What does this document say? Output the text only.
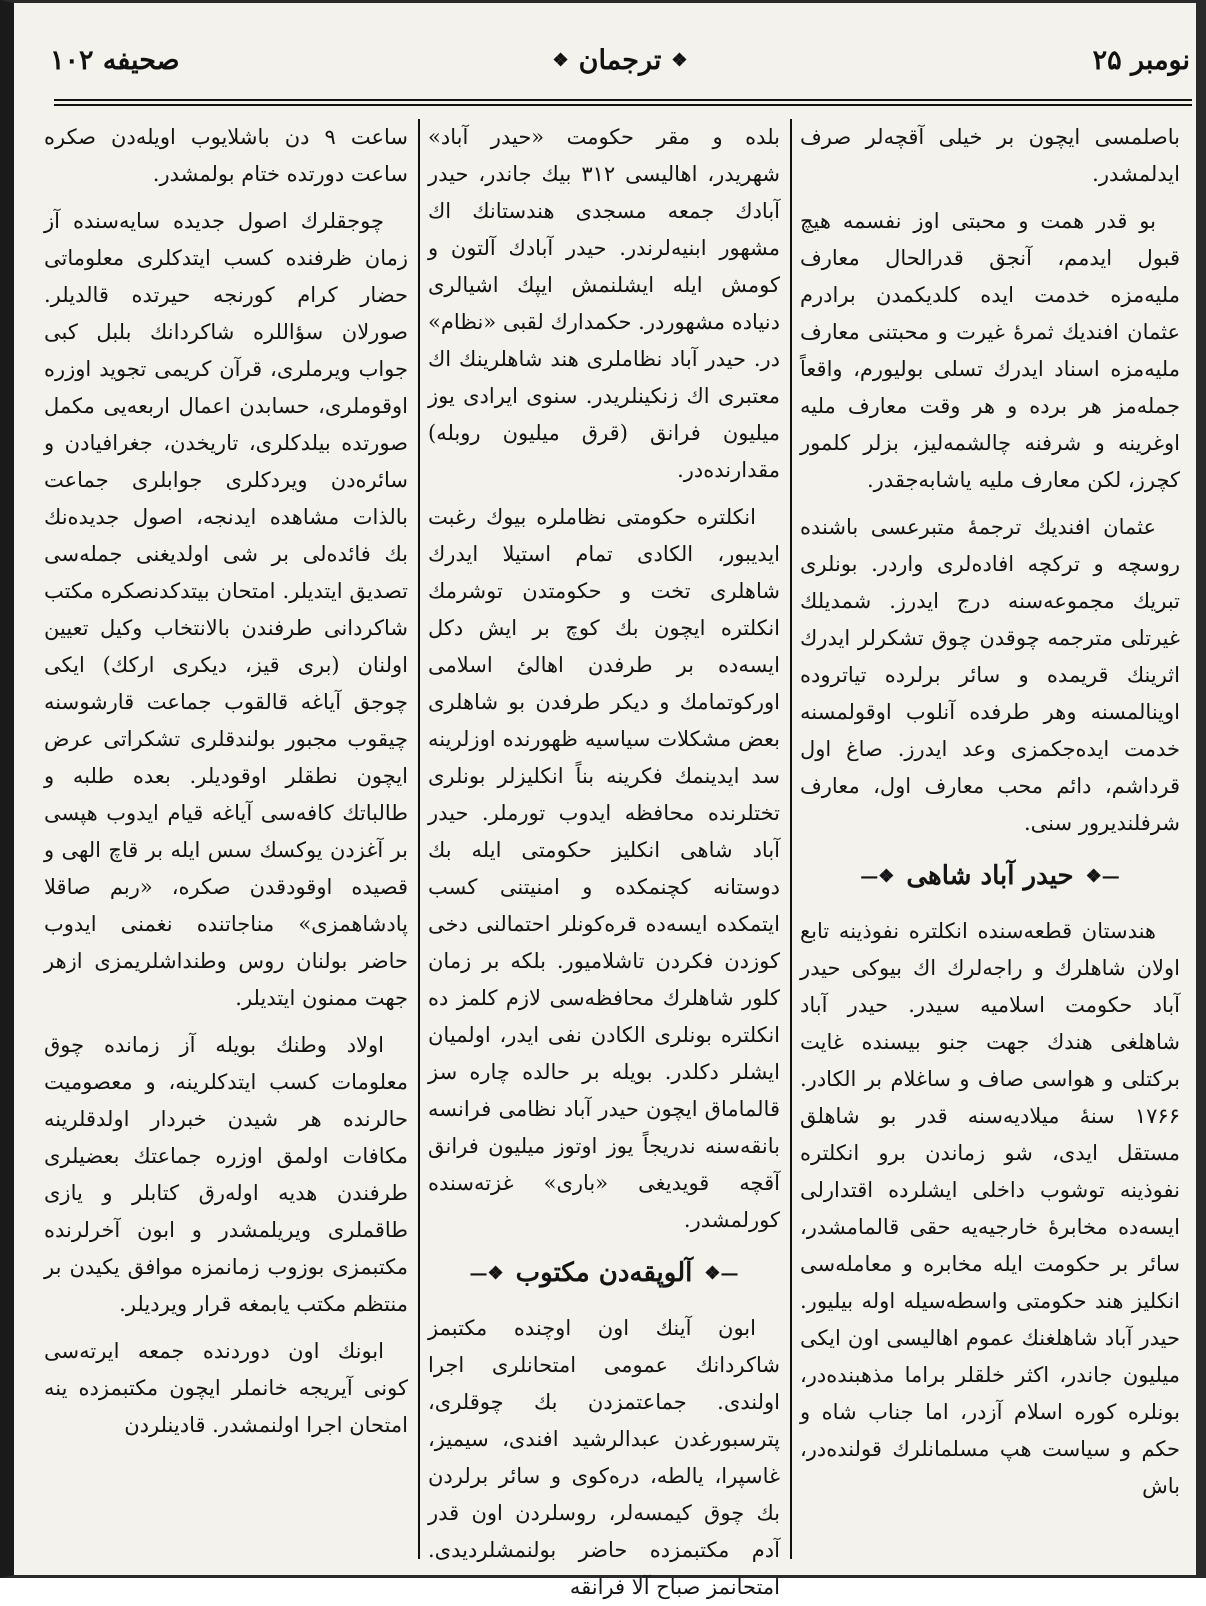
نومبر ۲۵
❖
ترجمان
❖
صحيفه ۱۰۲

باصلمسی ايچون بر خيلی آقچه‌لر صرف ايدلمشدر.

بو قدر همت و محبتی اوز نفسمه هيچ قبول ايدمم، آنجق قدرالحال معارف مليه‌مزه خدمت ايده كلديكمدن برادرم عثمان افنديك ثمرهٔ غيرت و محبتنی معارف مليه‌مزه اسناد ايدرك تسلی بوليورم، واقعاً جمله‌مز هر برده و هر وقت معارف مليه اوغرينه و شرفنه چالشمه‌ليز، بزلر كلمور كچرز، لكن معارف مليه ياشابه‌جقدر.

عثمان افنديك ترجمهٔ متبرعسی باشنده روسچه و تركچه افاده‌لری واردر. بونلری تبريك مجموعه‌سنه درج ايدرز. شمديلك غيرتلی مترجمه چوقدن چوق تشكرلر ايدرك اثرينك قريمده و سائر برلرده تياتروده اوينالمسنه وهر طرفده آنلوب اوقولمسنه خدمت ايده‌جكمزی وعد ايدرز. صاغ اول قرداشم، دائم محب معارف اول، معارف شرفلنديرور سنی.

—❖
حيدر آباد شاهی
❖—

هندستان قطعه‌سنده انكلتره نفوذينه تابع اولان شاهلرك و راجه‌لرك اك بيوكی حيدر آباد حكومت اسلاميه سيدر. حيدر آباد شاهلغی هندك جهت جنو بيسنده غايت بركتلی و هواسی صاف و ساغلام بر الكادر. ۱۷۶۶ سنهٔ ميلاديه‌سنه قدر بو شاهلق مستقل ايدی، شو زماندن برو انكلتره نفوذينه توشوب داخلی ايشلرده اقتدارلی ايسه‌ده مخابرهٔ خارجيه‌يه حقی قالمامشدر، سائر بر حكومت ايله مخابره و معامله‌سی انكليز هند حكومتی واسطه‌سيله اوله بيليور. حيدر آباد شاهلغنك عموم اهاليسی اون ايكی ميليون جاندر، اكثر خلقلر براما مذهبنده‌در، بونلره كوره اسلام آزدر، اما جناب شاه و حكم و سياست هپ مسلمانلرك قولنده‌در، باش

بلده و مقر حكومت «حيدر آباد» شهريدر، اهاليسی ۳۱۲ بيك جاندر، حيدر آبادك جمعه مسجدی هندستانك اك مشهور ابنيه‌لرندر. حيدر آبادك آلتون و كومش ايله ايشلنمش ايپك اشيالری دنياده مشهوردر. حكمدارك لقبی «نظام» در. حيدر آباد نظاملری هند شاهلرينك اك معتبری اك زنكينلريدر. سنوی ايرادی يوز ميليون فرانق (قرق ميليون روبله) مقدارنده‌در.

انكلتره حكومتی نظاملره بيوك رغبت ايديبور، الكادی تمام استيلا ايدرك شاهلری تخت و حكومتدن توشرمك انكلتره ايچون بك كوچ بر ايش دكل ايسه‌ده بر طرفدن اهالئ اسلامی اوركوتمامك و ديكر طرفدن بو شاهلری بعض مشكلات سياسيه ظهورنده اوزلرينه سد ايدينمك فكرينه بناً انكليزلر بونلری تختلرنده محافظه ايدوب تورملر. حيدر آباد شاهی انكليز حكومتی ايله بك دوستانه كچنمكده و امنيتنی كسب ايتمكده ايسه‌ده قره‌كونلر احتمالنی دخی كوزدن فكردن تاشلاميور. بلكه بر زمان كلور شاهلرك محافظه‌سی لازم كلمز ده انكلتره بونلری الكادن نفی ايدر، اولميان ايشلر دكلدر. بويله بر حالده چاره سز قالماماق ايچون حيدر آباد نظامی فرانسه بانقه‌سنه ندريجاً يوز اوتوز ميليون فرانق آقچه قويديغی «بارى» غزته‌سنده كورلمشدر.

—❖
آلوپقه‌دن مكتوب
❖—

ابون آينك اون اوچنده مكتبمز شاكردانك عمومی امتحانلری اجرا اولندی. جماعتمزدن بك چوقلری، پترسبورغدن عبدالرشيد افندی، سيميز، غاسپرا، يالطه، دره‌كوی و سائر برلردن بك چوق كيمسه‌لر، روسلردن اون قدر آدم مكتبمزده حاضر بولنمشلرديدی. امتحانمز صباح آلا فرانقه

ساعت ۹ دن باشلايوب اويله‌دن صكره ساعت دورتده ختام بولمشدر.

چوجقلرك اصول جديده سايه‌سنده آز زمان ظرفنده كسب ايتدكلری معلوماتی حضار كرام كورنجه حيرتده قالديلر. صورلان سؤاللره شاكردانك بلبل كبی جواب ويرملری، قرآن كريمی تجويد اوزره اوقوملری، حسابدن اعمال اربعه‌يی مكمل صورتده بيلدكلری، تاريخدن، جغرافيادن و سائره‌دن ويردكلری جوابلری جماعت بالذات مشاهده ايدنجه، اصول جديده‌نك بك فائده‌لی بر شی اولديغنی جمله‌سی تصديق ايتديلر. امتحان بيتدكدنصكره مكتب شاكردانی طرفندن بالانتخاب وكيل تعيين اولنان (برى قيز، ديكری اركك) ايكی چوجق آياغه قالقوب جماعت قارشوسنه چيقوب مجبور بولندقلری تشكراتی عرض ايچون نطقلر اوقوديلر. بعده طلبه و طالباتك كافه‌سی آياغه قيام ايدوب هپسی بر آغزدن يوكسك سس ايله بر قاچ الهی و قصيده اوقودقدن صكره، «ربم صاقلا پادشاهمزی» مناجاتنده نغمنی ايدوب حاضر بولنان روس وطنداشلريمزی ازهر جهت ممنون ايتديلر.

اولاد وطنك بويله آز زمانده چوق معلومات كسب ايتدكلرينه، و معصوميت حالرنده هر شيدن خبردار اولدقلرينه مكافات اولمق اوزره جماعتك بعضيلری طرفندن هديه اوله‌رق كتابلر و يازی طاقملری ويريلمشدر و ابون آخرلرنده مكتبمزی بوزوب زمانمزه موافق يكيدن بر منتظم مكتب يابمغه قرار ويرديلر.

ابونك اون دوردنده جمعه ايرته‌سی كونی آيريجه خانملر ايچون مكتبمزده ينه امتحان اجرا اولنمشدر. قادينلردن
